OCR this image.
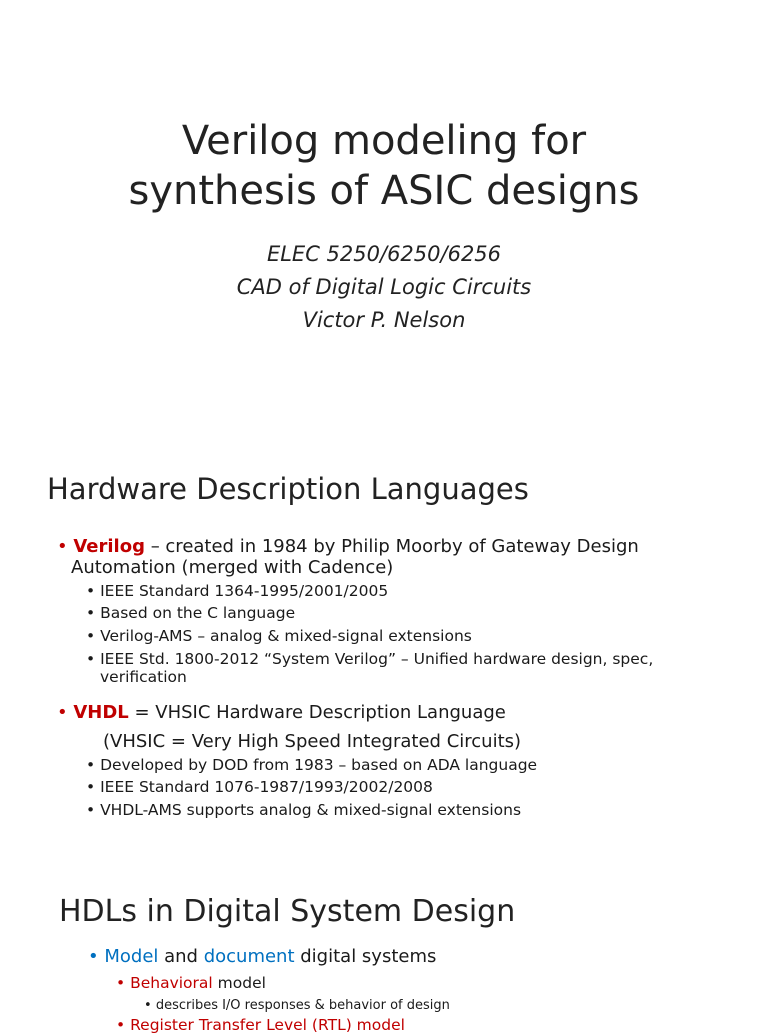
Verilog modeling for
synthesis of ASIC designs
ELEC 5250/6250/6256
CAD of Digital Logic Circuits
Victor P. Nelson
Hardware Description Languages
• Verilog – created in 1984 by Philip Moorby of Gateway Design
Automation (merged with Cadence)
• IEEE Standard 1364-1995/2001/2005
• Based on the C language
• Verilog-AMS – analog & mixed-signal extensions
• IEEE Std. 1800-2012 “System Verilog” – Unified hardware design, spec,
verification
• VHDL = VHSIC Hardware Description Language
(VHSIC = Very High Speed Integrated Circuits)
• Developed by DOD from 1983 – based on ADA language
• IEEE Standard 1076-1987/1993/2002/2008
• VHDL-AMS supports analog & mixed-signal extensions
HDLs in Digital System Design
• Model and document digital systems
• Behavioral model
• describes I/O responses & behavior of design
• Register Transfer Level (RTL) model
